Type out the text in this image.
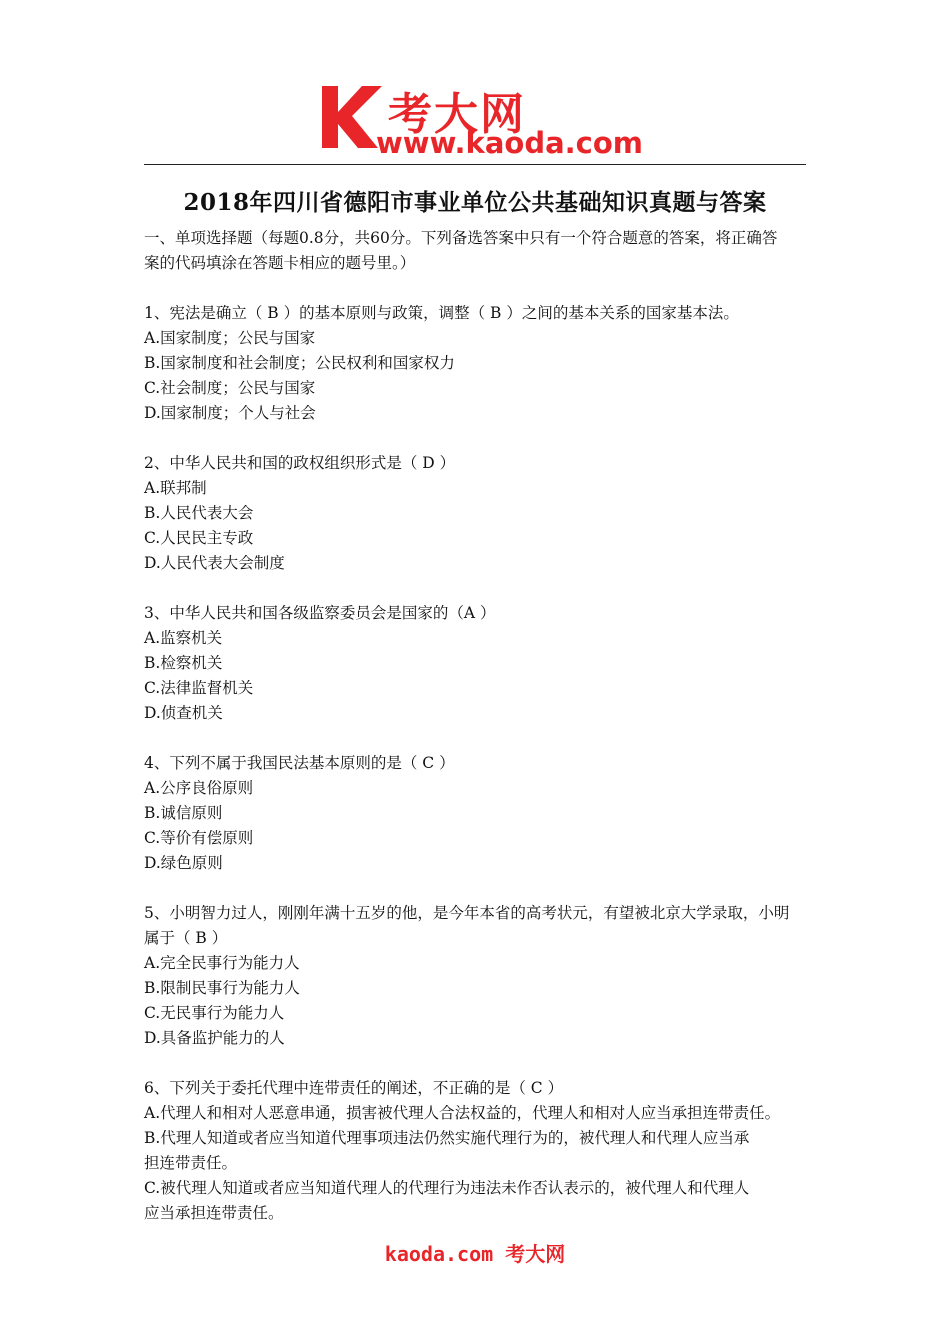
考大网
www.kaoda.com
2018年四川省德阳市事业单位公共基础知识真题与答案
一、单项选择题（每题0.8分，共60分。下列备选答案中只有一个符合题意的答案，将正确答
案的代码填涂在答题卡相应的题号里。）
1、宪法是确立（ B ）的基本原则与政策，调整（ B ）之间的基本关系的国家基本法。
A.国家制度；公民与国家
B.国家制度和社会制度；公民权利和国家权力
C.社会制度；公民与国家
D.国家制度；个人与社会
2、中华人民共和国的政权组织形式是（ D ）
A.联邦制
B.人民代表大会
C.人民民主专政
D.人民代表大会制度
3、中华人民共和国各级监察委员会是国家的（A ）
A.监察机关
B.检察机关
C.法律监督机关
D.侦查机关
4、下列不属于我国民法基本原则的是（ C ）
A.公序良俗原则
B.诚信原则
C.等价有偿原则
D.绿色原则
5、小明智力过人，刚刚年满十五岁的他，是今年本省的高考状元，有望被北京大学录取，小明
属于（ B ）
A.完全民事行为能力人
B.限制民事行为能力人
C.无民事行为能力人
D.具备监护能力的人
6、下列关于委托代理中连带责任的阐述，不正确的是（ C ）
A.代理人和相对人恶意串通，损害被代理人合法权益的，代理人和相对人应当承担连带责任。
B.代理人知道或者应当知道代理事项违法仍然实施代理行为的，被代理人和代理人应当承
担连带责任。
C.被代理人知道或者应当知道代理人的代理行为违法未作否认表示的，被代理人和代理人
应当承担连带责任。
kaoda.com 考大网
